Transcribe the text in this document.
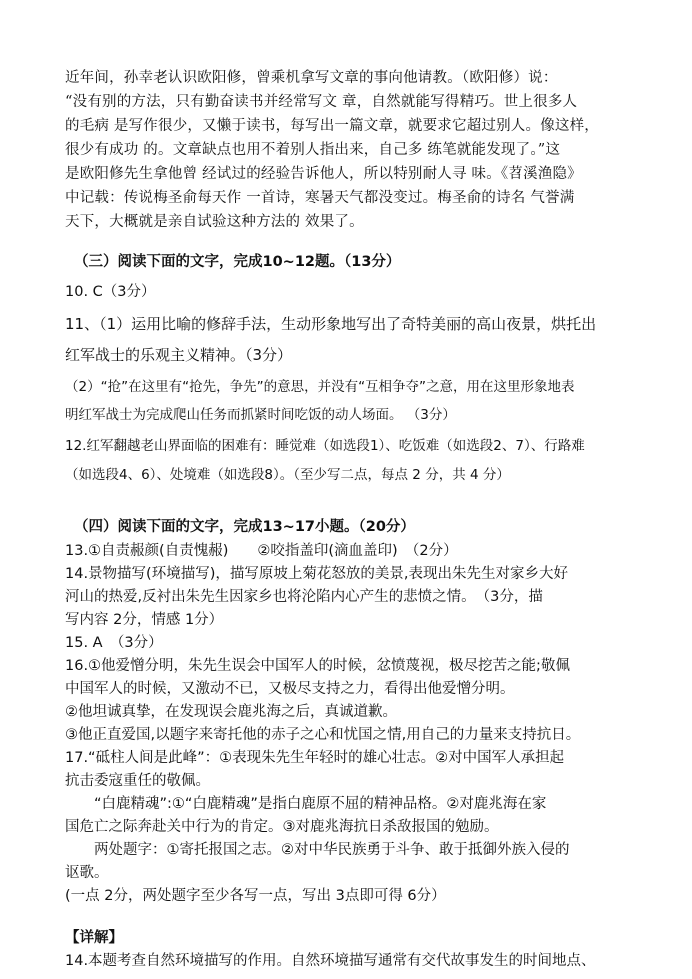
近年间，孙幸老认识欧阳修，曾乘机拿写文章的事向他请教。（欧阳修）说：
“没有别的方法，只有勤奋读书并经常写文 章，自然就能写得精巧。世上很多人
的毛病 是写作很少，又懒于读书，每写出一篇文章，就要求它超过别人。像这样，
很少有成功 的。文章缺点也用不着别人指出来，自己多 练笔就能发现了。”这
是欧阳修先生拿他曾 经试过的经验告诉他人，所以特别耐人寻 味。《苕溪渔隐》
中记载：传说梅圣俞每天作 一首诗，寒暑天气都没变过。梅圣俞的诗名 气誉满
天下，大概就是亲自试验这种方法的 效果了。
（三）阅读下面的文字，完成10~12题。（13分）
10. C（3分）
11、（1）运用比喻的修辞手法，生动形象地写出了奇特美丽的高山夜景，烘托出
红军战士的乐观主义精神。（3分）
（2）“抢”在这里有“抢先，争先”的意思，并没有“互相争夺”之意，用在这里形象地表
明红军战士为完成爬山任务而抓紧时间吃饭的动人场面。 （3分）
12.红军翻越老山界面临的困难有：睡觉难（如选段1）、吃饭难（如选段2、7）、行路难
（如选段4、6）、处境难（如选段8）。（至少写二点，每点 2 分，共 4 分）
（四）阅读下面的文字，完成13~17小题。（20分）
13.①自责赧颜(自责愧赧)　　②咬指盖印(滴血盖印)　（2分）
14.景物描写(环境描写)，描写原坡上菊花怒放的美景,表现出朱先生对家乡大好
河山的热爱,反衬出朱先生因家乡也将沦陷内心产生的悲愤之情。　（3分，描
写内容 2分，情感 1分）
15. A　（3分）
16.①他爱憎分明，朱先生误会中国军人的时候，忿愤蔑视，极尽挖苦之能;敬佩
中国军人的时候，又激动不已，又极尽支持之力，看得出他爱憎分明。
②他坦诚真挚，在发现误会鹿兆海之后，真诚道歉。
③他正直爱国,以题字来寄托他的赤子之心和忧国之情,用自己的力量来支持抗日。
17.“砥柱人间是此峰”：①表现朱先生年轻时的雄心壮志。②对中国军人承担起
抗击委寇重任的敬佩。
　　“白鹿精魂”:①“白鹿精魂”是指白鹿原不屈的精神品格。②对鹿兆海在家
国危亡之际奔赴关中行为的肯定。③对鹿兆海抗日杀敌报国的勉励。
　　两处题字：①寄托报国之志。②对中华民族勇于斗争、敢于抵御外族入侵的
讴歌。
(一点 2分，两处题字至少各写一点，写出 3点即可得 6分）
【详解】
14.本题考查自然环境描写的作用。自然环境描写通常有交代故事发生的时间地点、
